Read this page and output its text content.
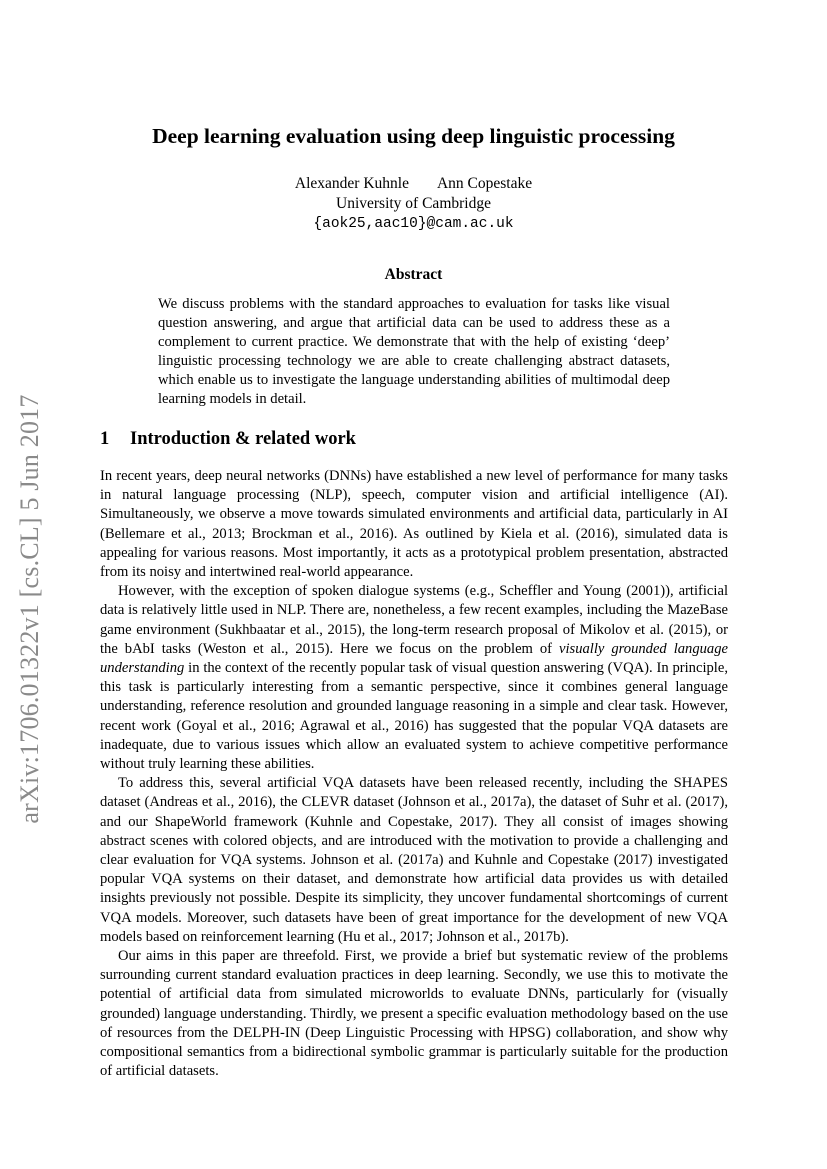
arXiv:1706.01322v1 [cs.CL] 5 Jun 2017
Deep learning evaluation using deep linguistic processing
Alexander Kuhnle Ann Copestake
University of Cambridge
{aok25,aac10}@cam.ac.uk
Abstract

We discuss problems with the standard approaches to evaluation for tasks like visual question answering, and argue that artificial data can be used to address these as a complement to current practice. We demonstrate that with the help of existing ‘deep’ linguistic processing technology we are able to create challenging abstract datasets, which enable us to investigate the language understanding abilities of multimodal deep learning models in detail.

1 Introduction & related work

In recent years, deep neural networks (DNNs) have established a new level of performance for many tasks in natural language processing (NLP), speech, computer vision and artificial intelligence (AI). Simultaneously, we observe a move towards simulated environments and artificial data, particularly in AI (Bellemare et al., 2013; Brockman et al., 2016). As outlined by Kiela et al. (2016), simulated data is appealing for various reasons. Most importantly, it acts as a prototypical problem presentation, abstracted from its noisy and intertwined real-world appearance.

However, with the exception of spoken dialogue systems (e.g., Scheffler and Young (2001)), artificial data is relatively little used in NLP. There are, nonetheless, a few recent examples, including the MazeBase game environment (Sukhbaatar et al., 2015), the long-term research proposal of Mikolov et al. (2015), or the bAbI tasks (Weston et al., 2015). Here we focus on the problem of visually grounded language understanding in the context of the recently popular task of visual question answering (VQA). In principle, this task is particularly interesting from a semantic perspective, since it combines general language understanding, reference resolution and grounded language reasoning in a simple and clear task. However, recent work (Goyal et al., 2016; Agrawal et al., 2016) has suggested that the popular VQA datasets are inadequate, due to various issues which allow an evaluated system to achieve competitive performance without truly learning these abilities.

To address this, several artificial VQA datasets have been released recently, including the SHAPES dataset (Andreas et al., 2016), the CLEVR dataset (Johnson et al., 2017a), the dataset of Suhr et al. (2017), and our ShapeWorld framework (Kuhnle and Copestake, 2017). They all consist of images showing abstract scenes with colored objects, and are introduced with the motivation to provide a challenging and clear evaluation for VQA systems. Johnson et al. (2017a) and Kuhnle and Copestake (2017) investigated popular VQA systems on their dataset, and demonstrate how artificial data provides us with detailed insights previously not possible. Despite its simplicity, they uncover fundamental shortcomings of current VQA models. Moreover, such datasets have been of great importance for the development of new VQA models based on reinforcement learning (Hu et al., 2017; Johnson et al., 2017b).

Our aims in this paper are threefold. First, we provide a brief but systematic review of the problems surrounding current standard evaluation practices in deep learning. Secondly, we use this to motivate the potential of artificial data from simulated microworlds to evaluate DNNs, particularly for (visually grounded) language understanding. Thirdly, we present a specific evaluation methodology based on the use of resources from the DELPH-IN (Deep Linguistic Processing with HPSG) collaboration, and show why compositional semantics from a bidirectional symbolic grammar is particularly suitable for the production of artificial datasets.
